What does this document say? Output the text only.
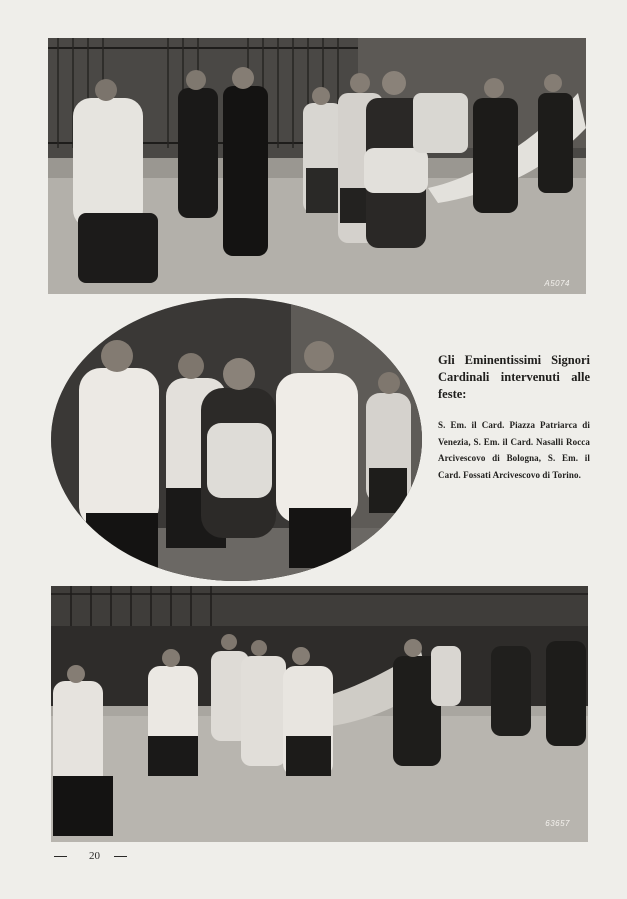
A5074

Gli Eminentissimi Signori Cardinali intervenuti alle feste:

S. Em. il Card. Piazza Patriarca di Venezia, S. Em. il Card. Nasalli Rocca Arcivescovo di Bologna, S. Em. il Card. Fossati Arcivescovo di Torino.

63657
20
